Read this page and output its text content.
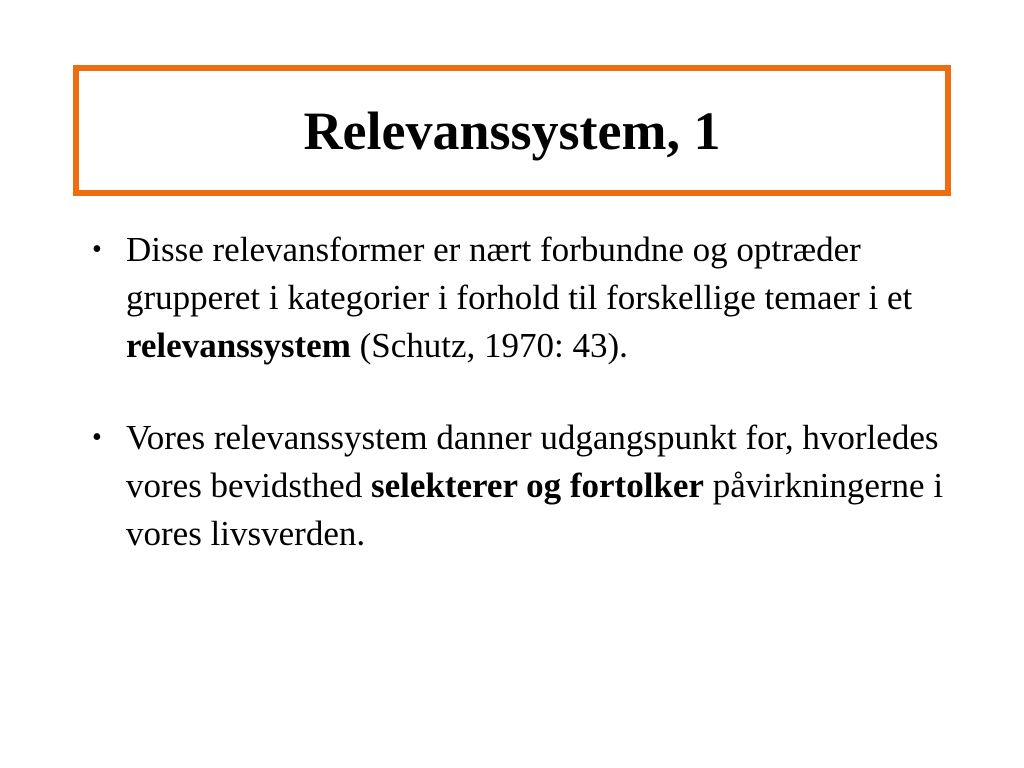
Relevanssystem, 1
• Disse relevansformer er nært forbundne og optræder grupperet i kategorier i forhold til forskellige temaer i et relevanssystem (Schutz, 1970: 43).
• Vores relevanssystem danner udgangspunkt for, hvorledes vores bevidsthed selekterer og fortolker påvirkningerne i vores livsverden.
